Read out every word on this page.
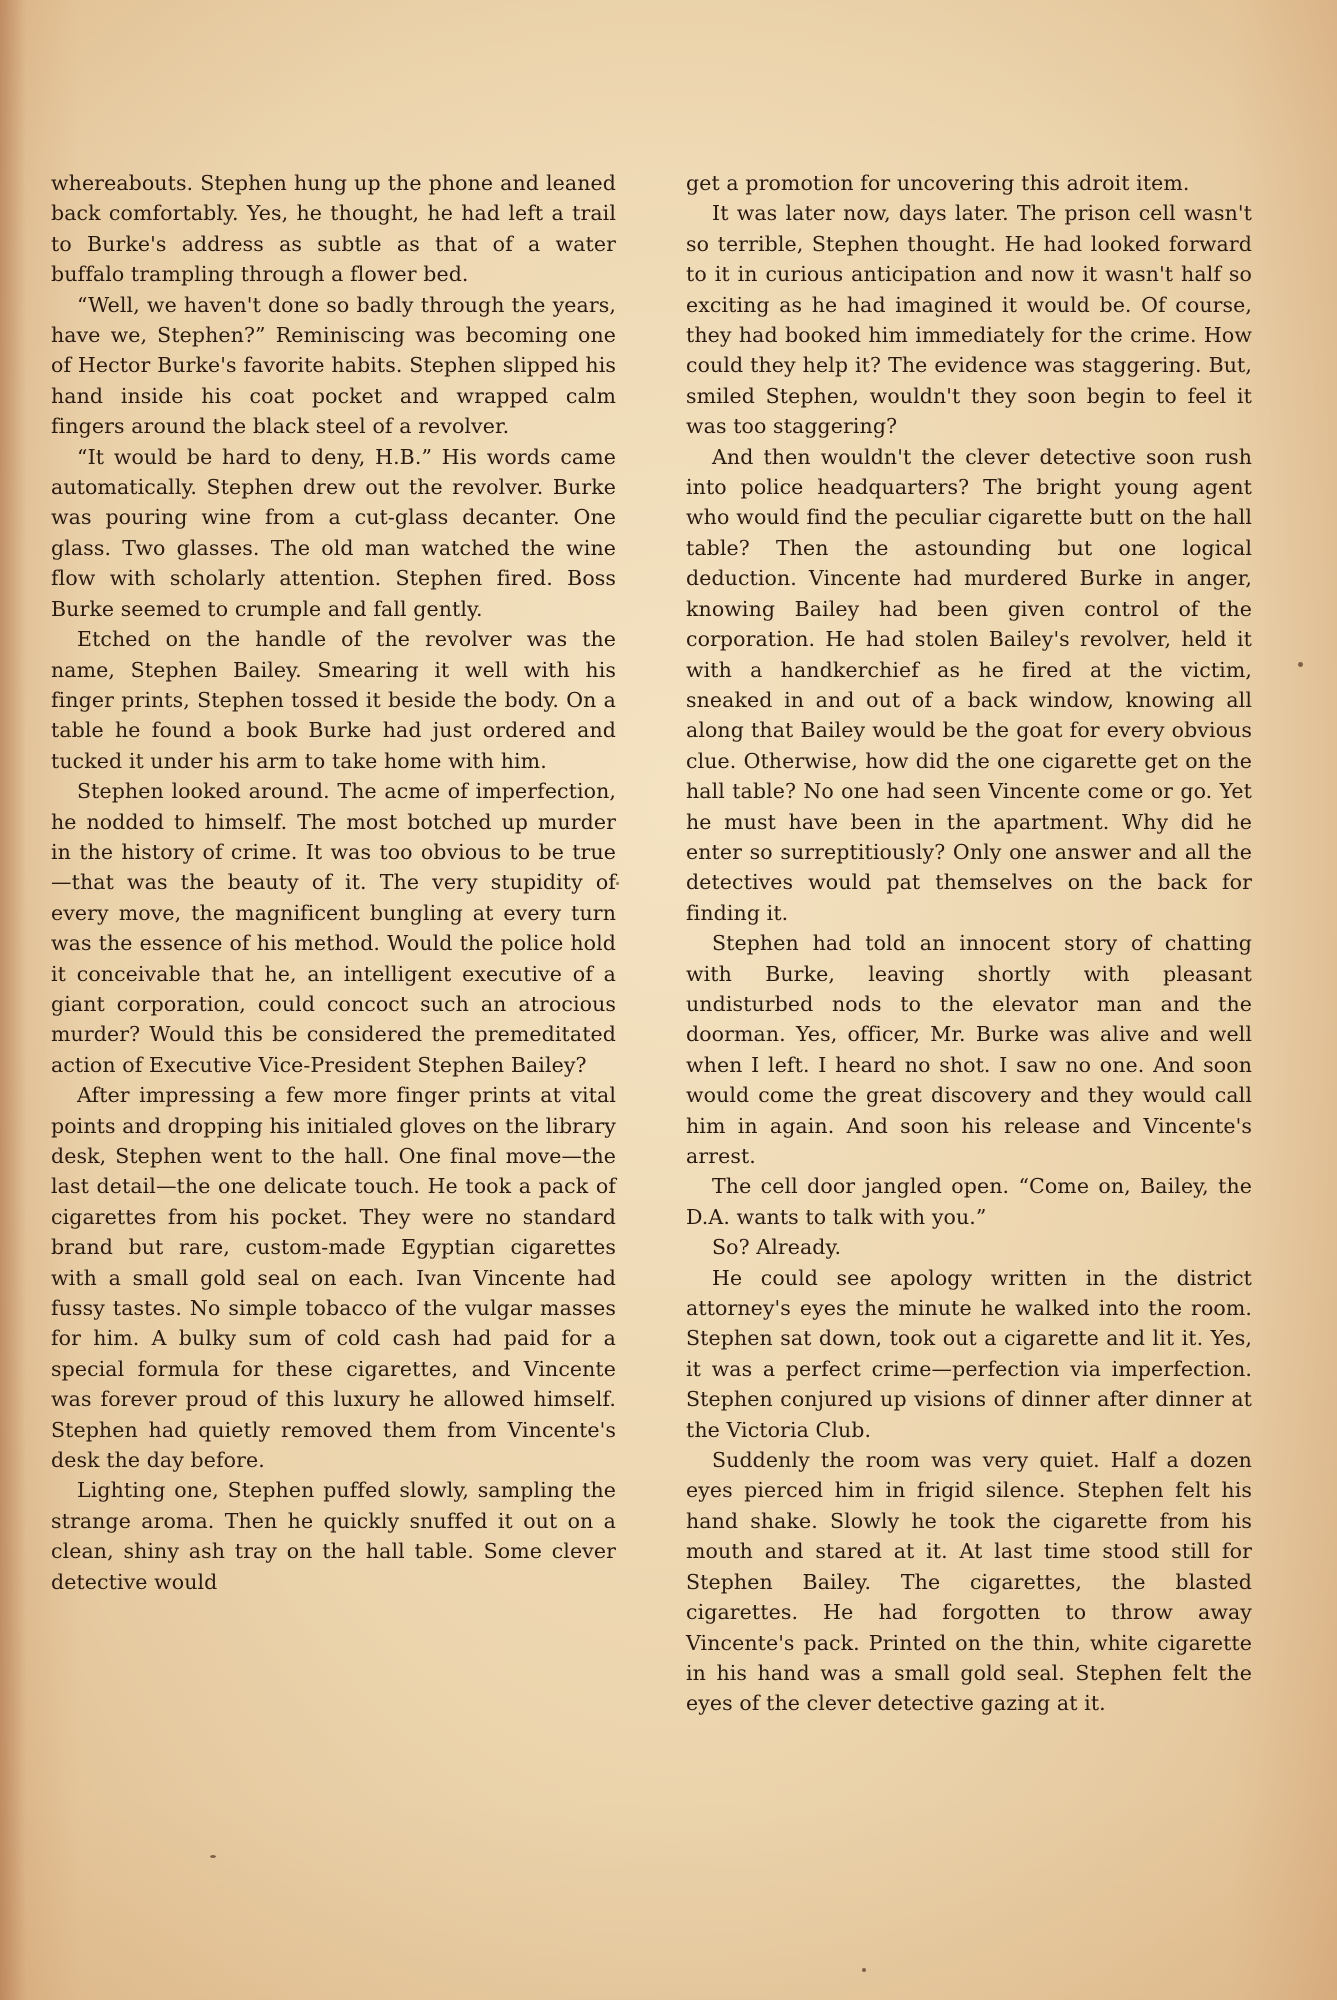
whereabouts. Stephen hung up the phone and leaned back comfortably. Yes, he thought, he had left a trail to Burke's address as subtle as that of a water buffalo trampling through a flower bed.

“Well, we haven't done so badly through the years, have we, Stephen?” Reminiscing was becoming one of Hector Burke's favorite habits. Stephen slipped his hand inside his coat pocket and wrapped calm fingers around the black steel of a revolver.

“It would be hard to deny, H.B.” His words came automatically. Stephen drew out the revolver. Burke was pouring wine from a cut-glass decanter. One glass. Two glasses. The old man watched the wine flow with scholarly attention. Stephen fired. Boss Burke seemed to crumple and fall gently.

Etched on the handle of the revolver was the name, Stephen Bailey. Smearing it well with his finger prints, Stephen tossed it beside the body. On a table he found a book Burke had just ordered and tucked it under his arm to take home with him.

Stephen looked around. The acme of imperfection, he nodded to himself. The most botched up murder in the history of crime. It was too obvious to be true—that was the beauty of it. The very stupidity of every move, the magnificent bungling at every turn was the essence of his method. Would the police hold it conceivable that he, an intelligent executive of a giant corporation, could concoct such an atrocious murder? Would this be considered the premeditated action of Executive Vice-President Stephen Bailey?

After impressing a few more finger prints at vital points and dropping his initialed gloves on the library desk, Stephen went to the hall. One final move—the last detail—the one delicate touch. He took a pack of cigarettes from his pocket. They were no standard brand but rare, custom-made Egyptian cigarettes with a small gold seal on each. Ivan Vincente had fussy tastes. No simple tobacco of the vulgar masses for him. A bulky sum of cold cash had paid for a special formula for these cigarettes, and Vincente was forever proud of this luxury he allowed himself. Stephen had quietly removed them from Vincente's desk the day before.

Lighting one, Stephen puffed slowly, sampling the strange aroma. Then he quickly snuffed it out on a clean, shiny ash tray on the hall table. Some clever detective would

get a promotion for uncovering this adroit item.

It was later now, days later. The prison cell wasn't so terrible, Stephen thought. He had looked forward to it in curious anticipation and now it wasn't half so exciting as he had imagined it would be. Of course, they had booked him immediately for the crime. How could they help it? The evidence was staggering. But, smiled Stephen, wouldn't they soon begin to feel it was too staggering?

And then wouldn't the clever detective soon rush into police headquarters? The bright young agent who would find the peculiar cigarette butt on the hall table? Then the astounding but one logical deduction. Vincente had murdered Burke in anger, knowing Bailey had been given control of the corporation. He had stolen Bailey's revolver, held it with a handkerchief as he fired at the victim, sneaked in and out of a back window, knowing all along that Bailey would be the goat for every obvious clue. Otherwise, how did the one cigarette get on the hall table? No one had seen Vincente come or go. Yet he must have been in the apartment. Why did he enter so surreptitiously? Only one answer and all the detectives would pat themselves on the back for finding it.

Stephen had told an innocent story of chatting with Burke, leaving shortly with pleasant undisturbed nods to the elevator man and the doorman. Yes, officer, Mr. Burke was alive and well when I left. I heard no shot. I saw no one. And soon would come the great discovery and they would call him in again. And soon his release and Vincente's arrest.

The cell door jangled open. “Come on, Bailey, the D.A. wants to talk with you.”

So? Already.

He could see apology written in the district attorney's eyes the minute he walked into the room. Stephen sat down, took out a cigarette and lit it. Yes, it was a perfect crime—perfection via imperfection. Stephen conjured up visions of dinner after dinner at the Victoria Club.

Suddenly the room was very quiet. Half a dozen eyes pierced him in frigid silence. Stephen felt his hand shake. Slowly he took the cigarette from his mouth and stared at it. At last time stood still for Stephen Bailey. The cigarettes, the blasted cigarettes. He had forgotten to throw away Vincente's pack. Printed on the thin, white cigarette in his hand was a small gold seal. Stephen felt the eyes of the clever detective gazing at it.
